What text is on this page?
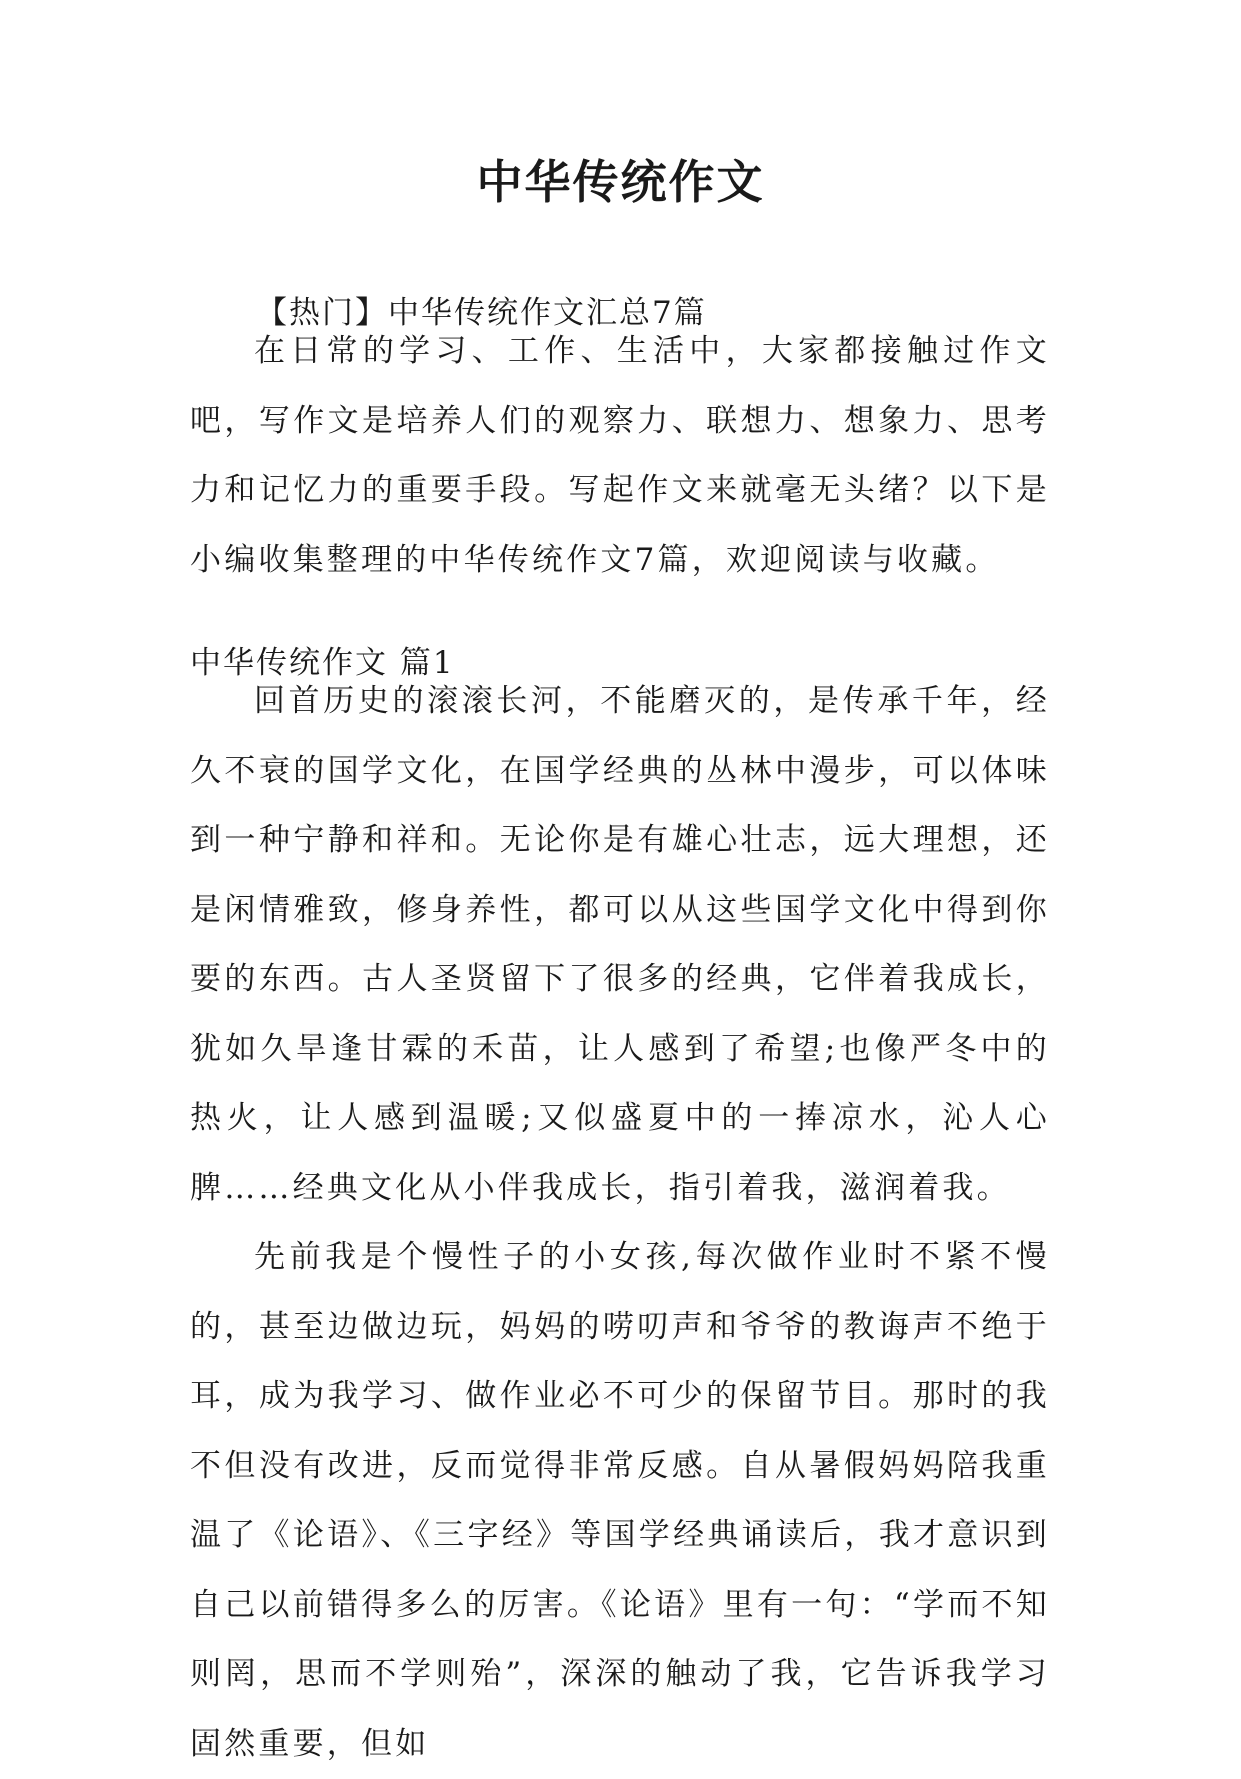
中华传统作文
【热门】中华传统作文汇总7篇

在日常的学习、工作、生活中，大家都接触过作文吧，写作文是培养人们的观察力、联想力、想象力、思考力和记忆力的重要手段。写起作文来就毫无头绪？以下是小编收集整理的中华传统作文7篇，欢迎阅读与收藏。

中华传统作文 篇1

回首历史的滚滚长河，不能磨灭的，是传承千年，经久不衰的国学文化，在国学经典的丛林中漫步，可以体味到一种宁静和祥和。无论你是有雄心壮志，远大理想，还是闲情雅致，修身养性，都可以从这些国学文化中得到你要的东西。古人圣贤留下了很多的经典，它伴着我成长，犹如久旱逢甘霖的禾苗，让人感到了希望;也像严冬中的热火，让人感到温暖;又似盛夏中的一捧凉水，沁人心脾……经典文化从小伴我成长，指引着我，滋润着我。

先前我是个慢性子的小女孩,每次做作业时不紧不慢的，甚至边做边玩，妈妈的唠叨声和爷爷的教诲声不绝于耳，成为我学习、做作业必不可少的保留节目。那时的我不但没有改进，反而觉得非常反感。自从暑假妈妈陪我重温了《论语》、《三字经》等国学经典诵读后，我才意识到自己以前错得多么的厉害。《论语》里有一句：“学而不知则罔，思而不学则殆”，深深的触动了我，它告诉我学习固然重要，但如
